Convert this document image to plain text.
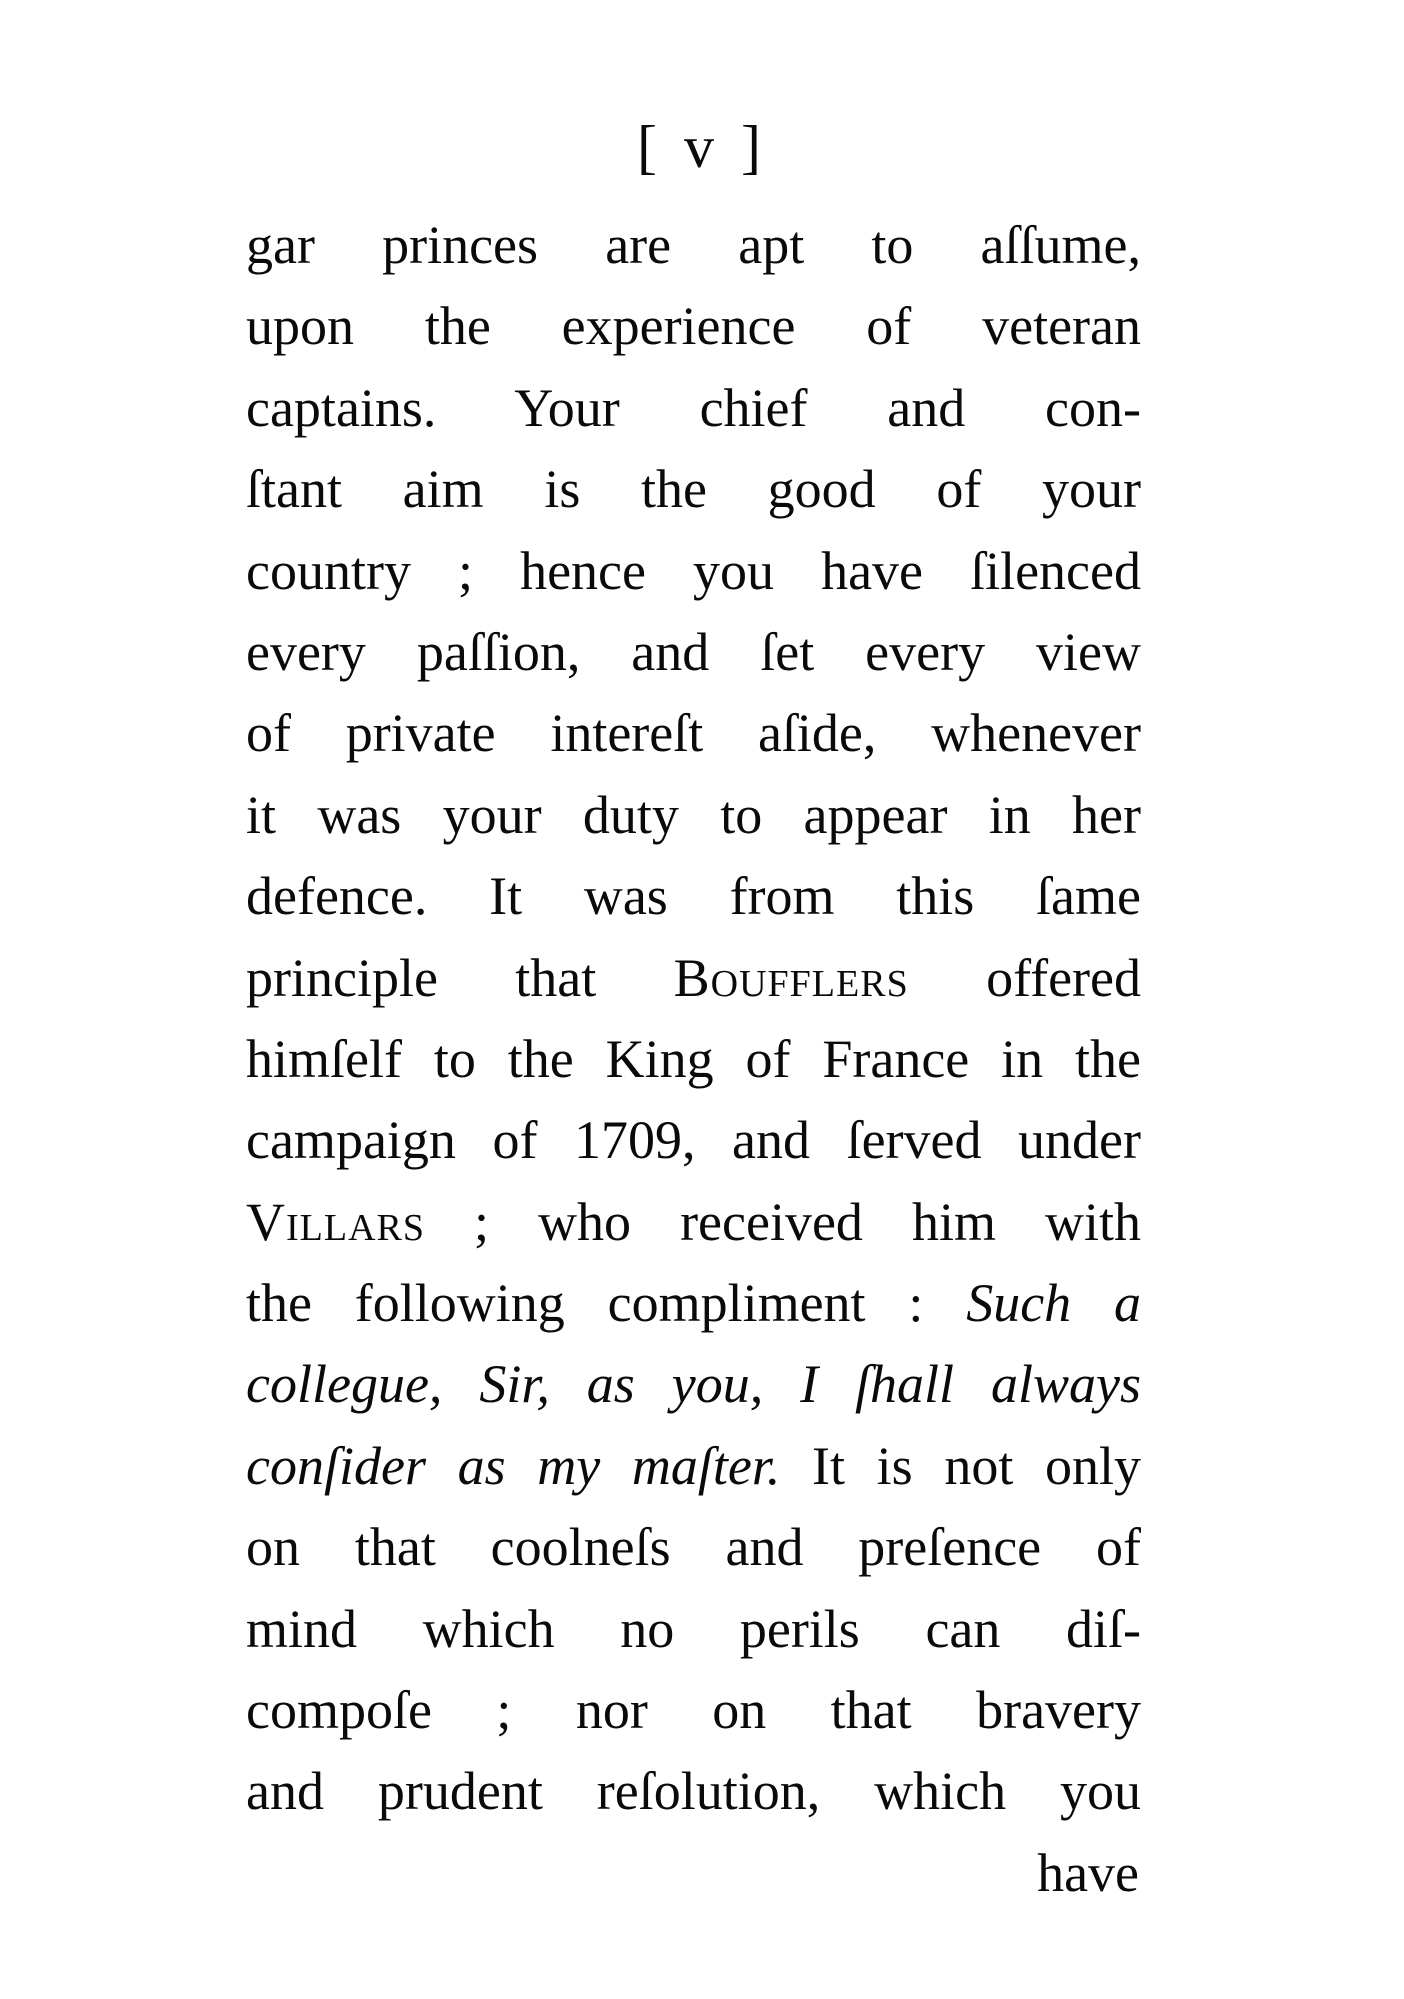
[ v ]
gar princes are apt to aſſume,
upon the experience of veteran
captains. Your chief and con-
ſtant aim is the good of your
country ; hence you have ſilenced
every paſſion, and ſet every view
of private intereſt aſide, whenever
it was your duty to appear in her
defence. It was from this ſame
principle that Boufflers offered
himſelf to the King of France in the
campaign of 1709, and ſerved under
Villars ; who received him with
the following compliment : Such a
collegue, Sir, as you, I ſhall always
conſider as my maſter. It is not only
on that coolneſs and preſence of
mind which no perils can diſ-
compoſe ; nor on that bravery
and prudent reſolution, which you
have
